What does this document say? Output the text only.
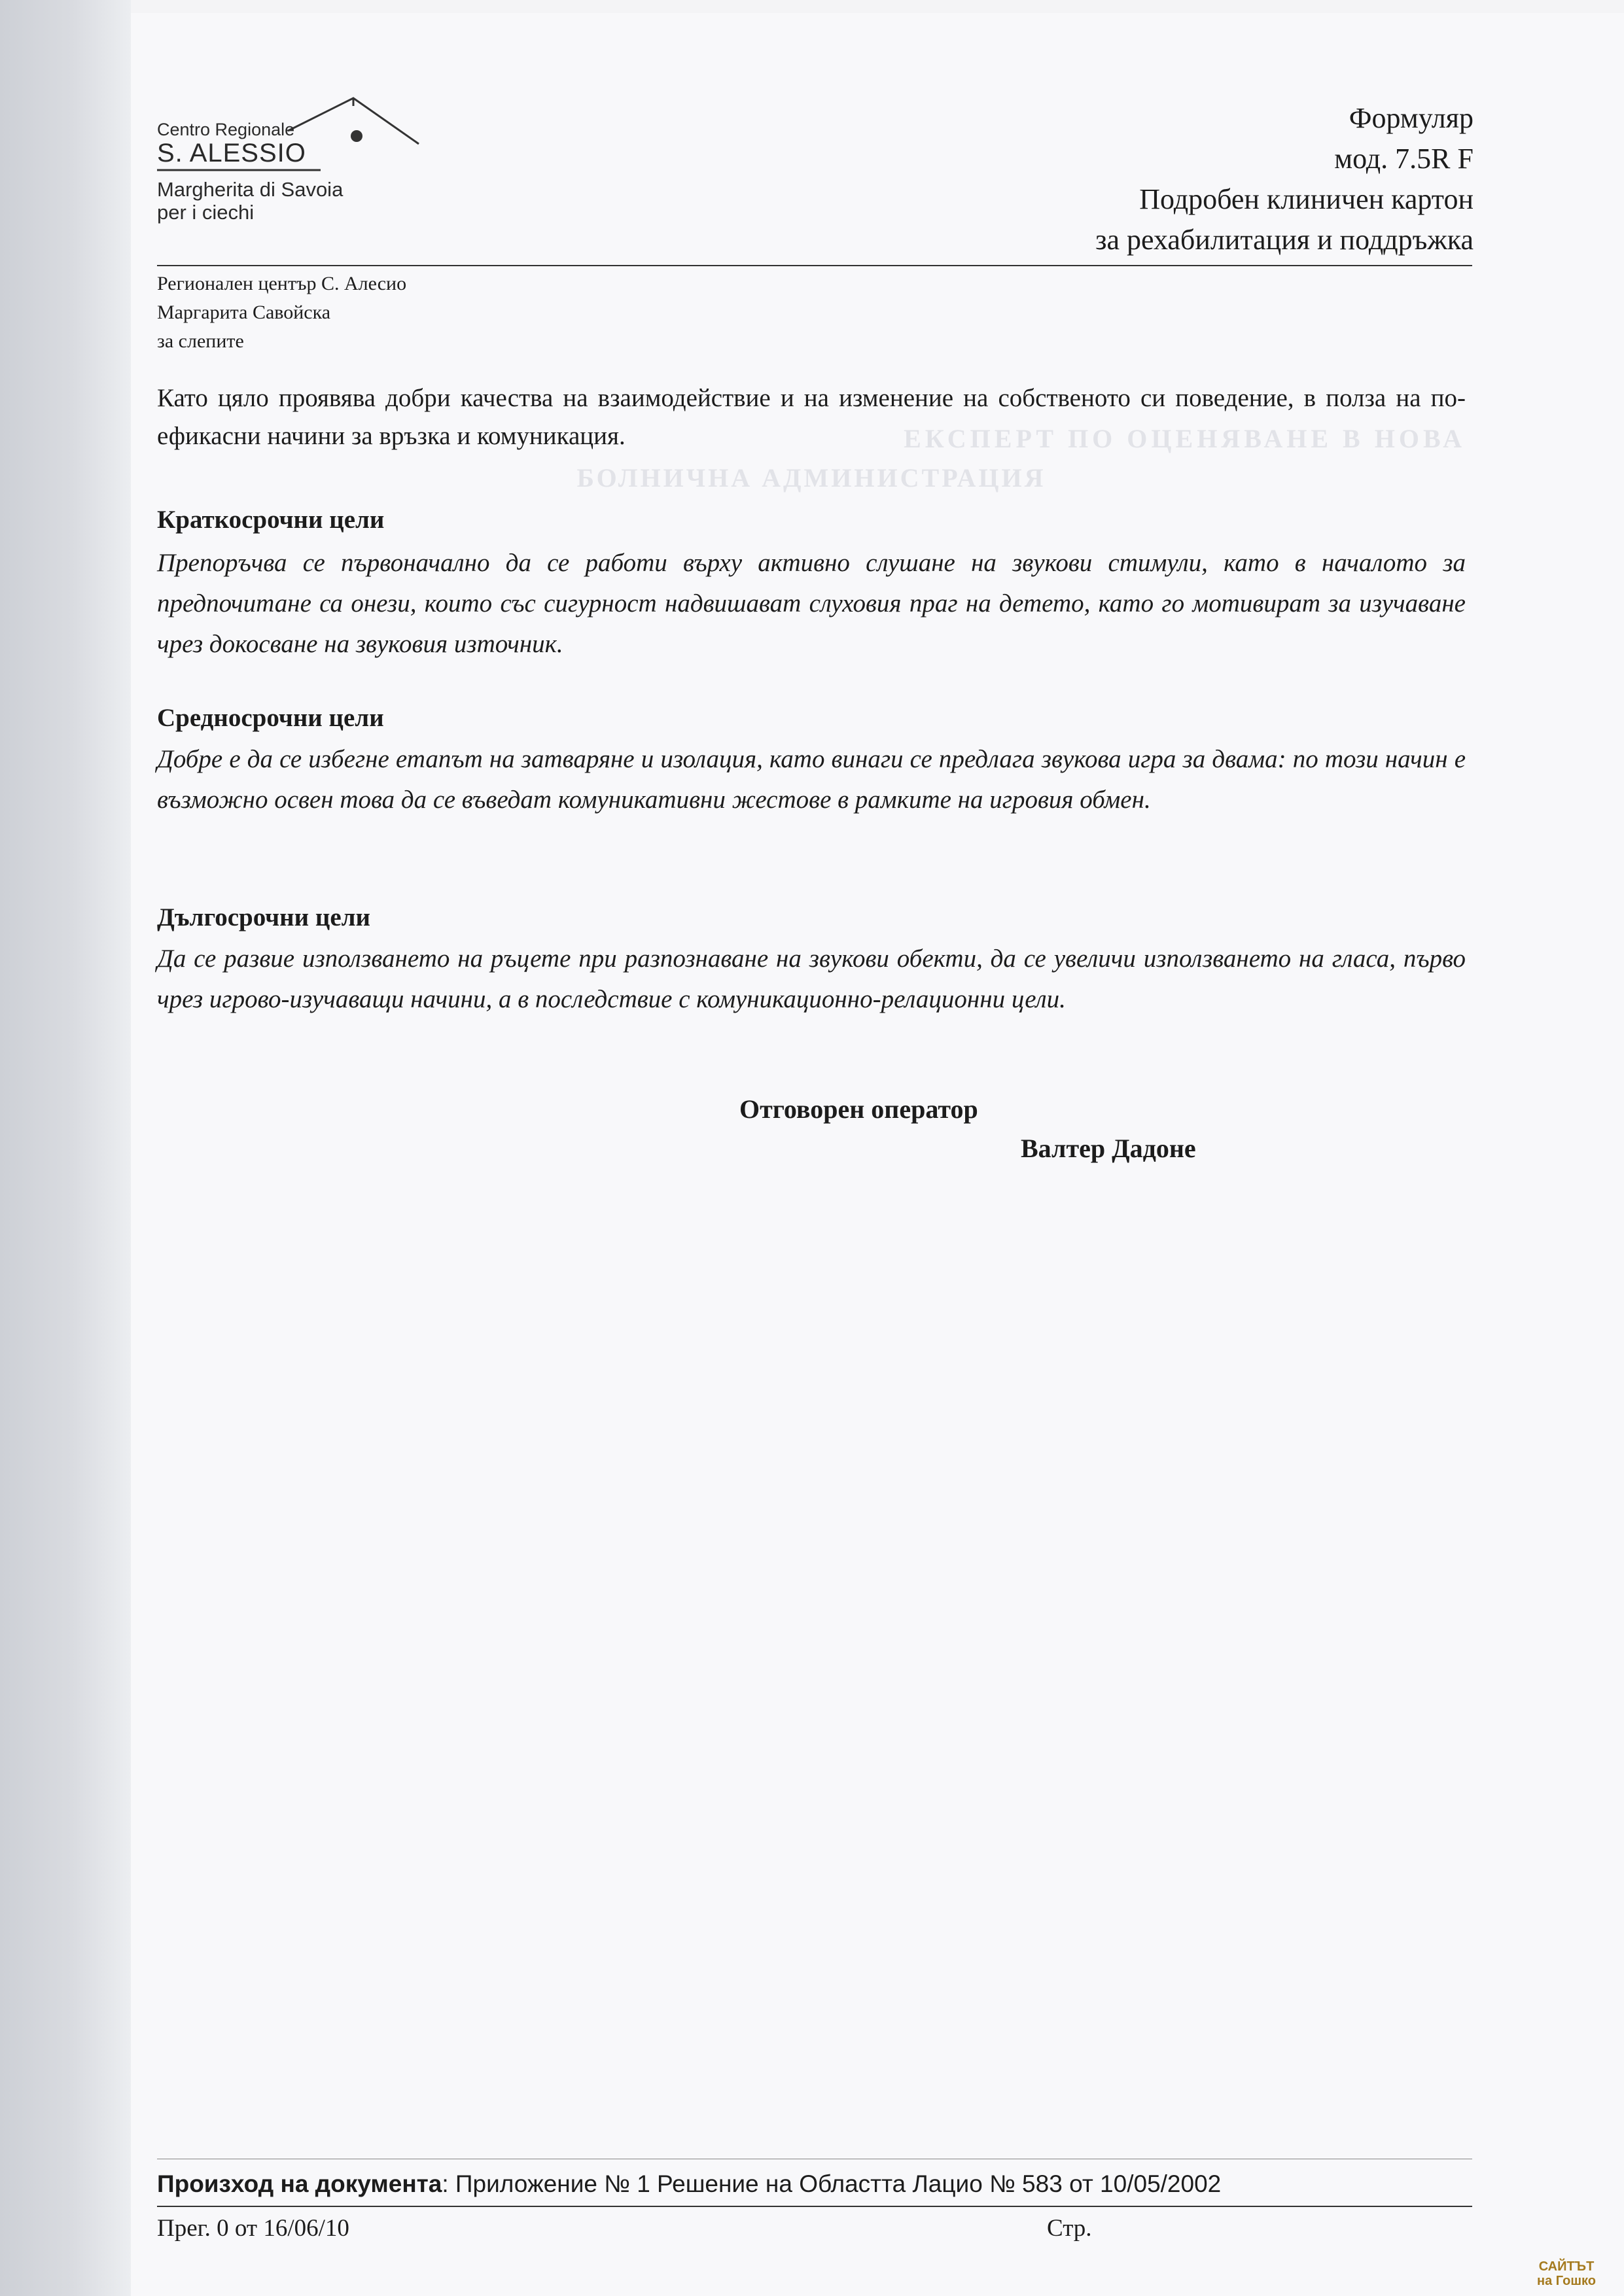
Centro Regionale
S. ALESSIO
Margherita di Savoia
per i ciechi
Формуляр
мод. 7.5R F
Подробен клиничен картон
за рехабилитация и поддръжка
Регионален център С. Алесио
Маргарита Савойска
за слепите
ЕКСПЕРТ ПО ОЦЕНЯВАНЕ В НОВА
БОЛНИЧНА АДМИНИСТРАЦИЯ
Като цяло проявява добри качества на взаимодействие и на изменение на собственото си поведение, в полза на по-ефикасни начини за връзка и комуникация.
Краткосрочни цели
Препоръчва се първоначално да се работи върху активно слушане на звукови стимули, като в началото за предпочитане са онези, които със сигурност надвишават слуховия праг на детето, като го мотивират за изучаване чрез докосване на звуковия източник.
Средносрочни цели
Добре е да се избегне етапът на затваряне и изолация, като винаги се предлага звукова игра за двама: по този начин е възможно освен това да се въведат комуникативни жестове в рамките на игровия обмен.
Дългосрочни цели
Да се развие използването на ръцете при разпознаване на звукови обекти, да се увеличи използването на гласа, първо чрез игрово-изучаващи начини, а в последствие с комуникационно-релационни цели.
Отговорен оператор
Валтер Дадоне
Произход на документа: Приложение № 1 Решение на Областта Лацио № 583 от 10/05/2002
Прег. 0 от 16/06/10	Стр.
САЙТЪТ
на Гошко
